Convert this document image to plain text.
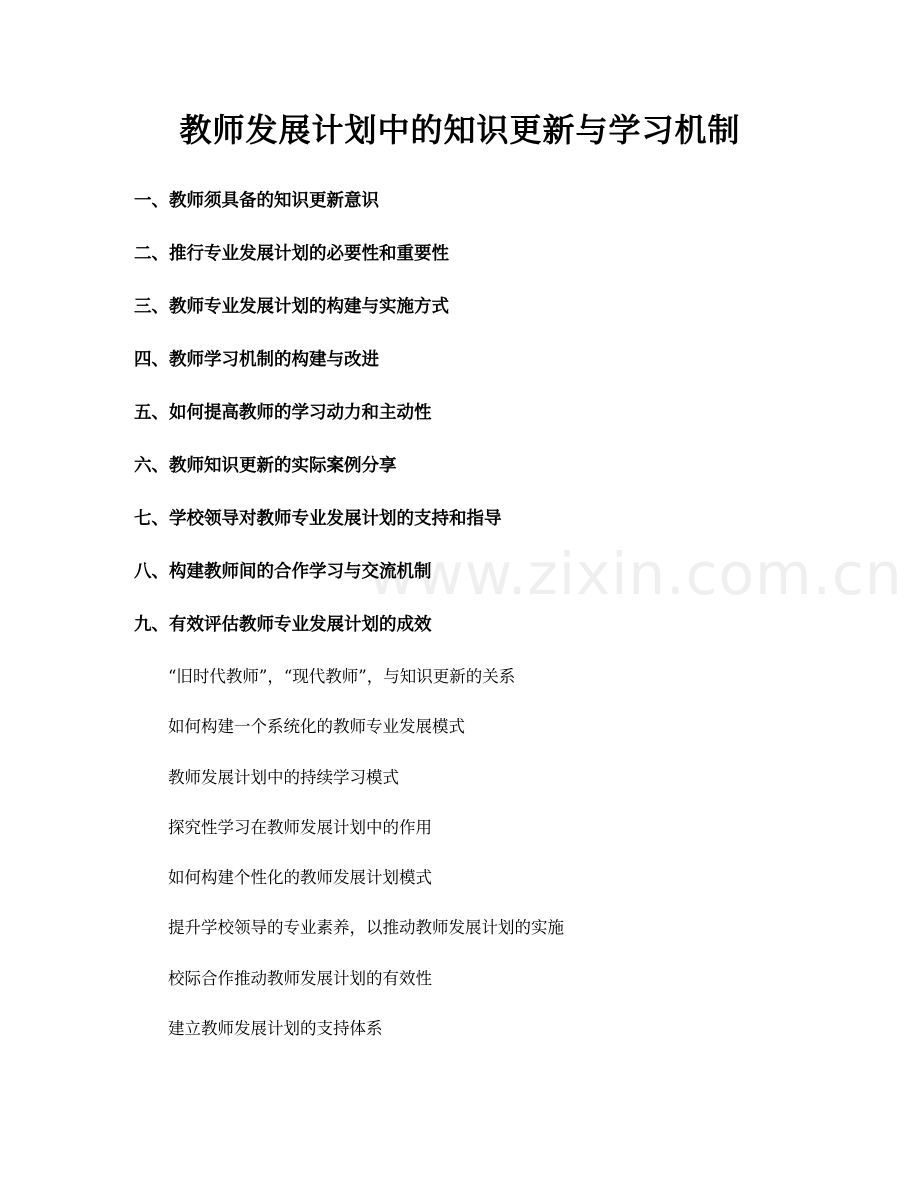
教师发展计划中的知识更新与学习机制
一、教师须具备的知识更新意识
二、推行专业发展计划的必要性和重要性
三、教师专业发展计划的构建与实施方式
四、教师学习机制的构建与改进
五、如何提高教师的学习动力和主动性
六、教师知识更新的实际案例分享
七、学校领导对教师专业发展计划的支持和指导
八、构建教师间的合作学习与交流机制
九、有效评估教师专业发展计划的成效
“旧时代教师”，“现代教师”，与知识更新的关系
如何构建一个系统化的教师专业发展模式
教师发展计划中的持续学习模式
探究性学习在教师发展计划中的作用
如何构建个性化的教师发展计划模式
提升学校领导的专业素养，以推动教师发展计划的实施
校际合作推动教师发展计划的有效性
建立教师发展计划的支持体系
www.zixin.com.cn
